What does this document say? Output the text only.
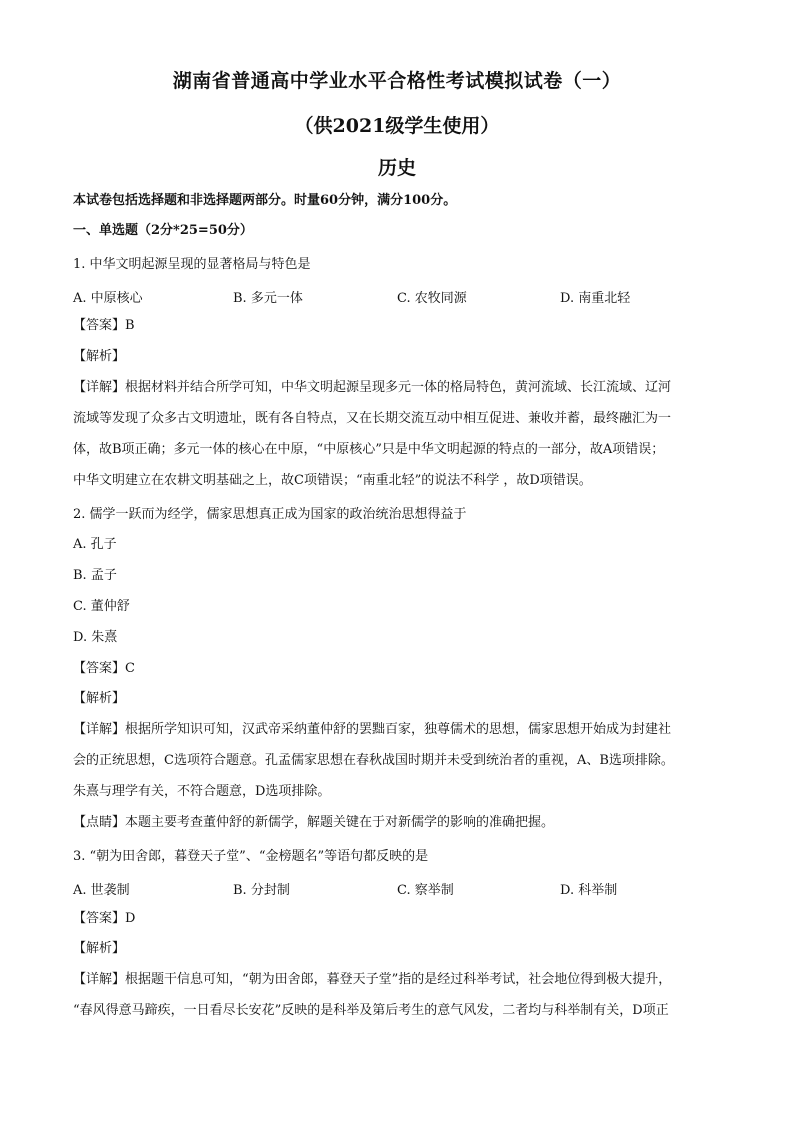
湖南省普通高中学业水平合格性考试模拟试卷（一）
（供2021级学生使用）
历史
本试卷包括选择题和非选择题两部分。时量60分钟，满分100分。
一、单选题（2分*25=50分）
1. 中华文明起源呈现的显著格局与特色是
A. 中原核心	B. 多元一体	C. 农牧同源	D. 南重北轻
【答案】B
【解析】
【详解】根据材料并结合所学可知，中华文明起源呈现多元一体的格局特色，黄河流域、长江流域、辽河
流域等发现了众多古文明遗址，既有各自特点，又在长期交流互动中相互促进、兼收并蓄，最终融汇为一
体，故B项正确；多元一体的核心在中原，“中原核心”只是中华文明起源的特点的一部分，故A项错误；
中华文明建立在农耕文明基础之上，故C项错误；“南重北轻”的说法不科学 ，故D项错误。
2. 儒学一跃而为经学，儒家思想真正成为国家的政治统治思想得益于
A. 孔子
B. 孟子
C. 董仲舒
D. 朱熹
【答案】C
【解析】
【详解】根据所学知识可知，汉武帝采纳董仲舒的罢黜百家，独尊儒术的思想，儒家思想开始成为封建社
会的正统思想，C选项符合题意。孔孟儒家思想在春秋战国时期并未受到统治者的重视，A、B选项排除。
朱熹与理学有关，不符合题意，D选项排除。
【点睛】本题主要考查董仲舒的新儒学，解题关键在于对新儒学的影响的准确把握。
3. “朝为田舍郎，暮登天子堂”、“金榜题名”等语句都反映的是
A. 世袭制	B. 分封制	C. 察举制	D. 科举制
【答案】D
【解析】
【详解】根据题干信息可知，“朝为田舍郎，暮登天子堂”指的是经过科举考试，社会地位得到极大提升，
“春风得意马蹄疾，一日看尽长安花”反映的是科举及第后考生的意气风发，二者均与科举制有关，D项正
